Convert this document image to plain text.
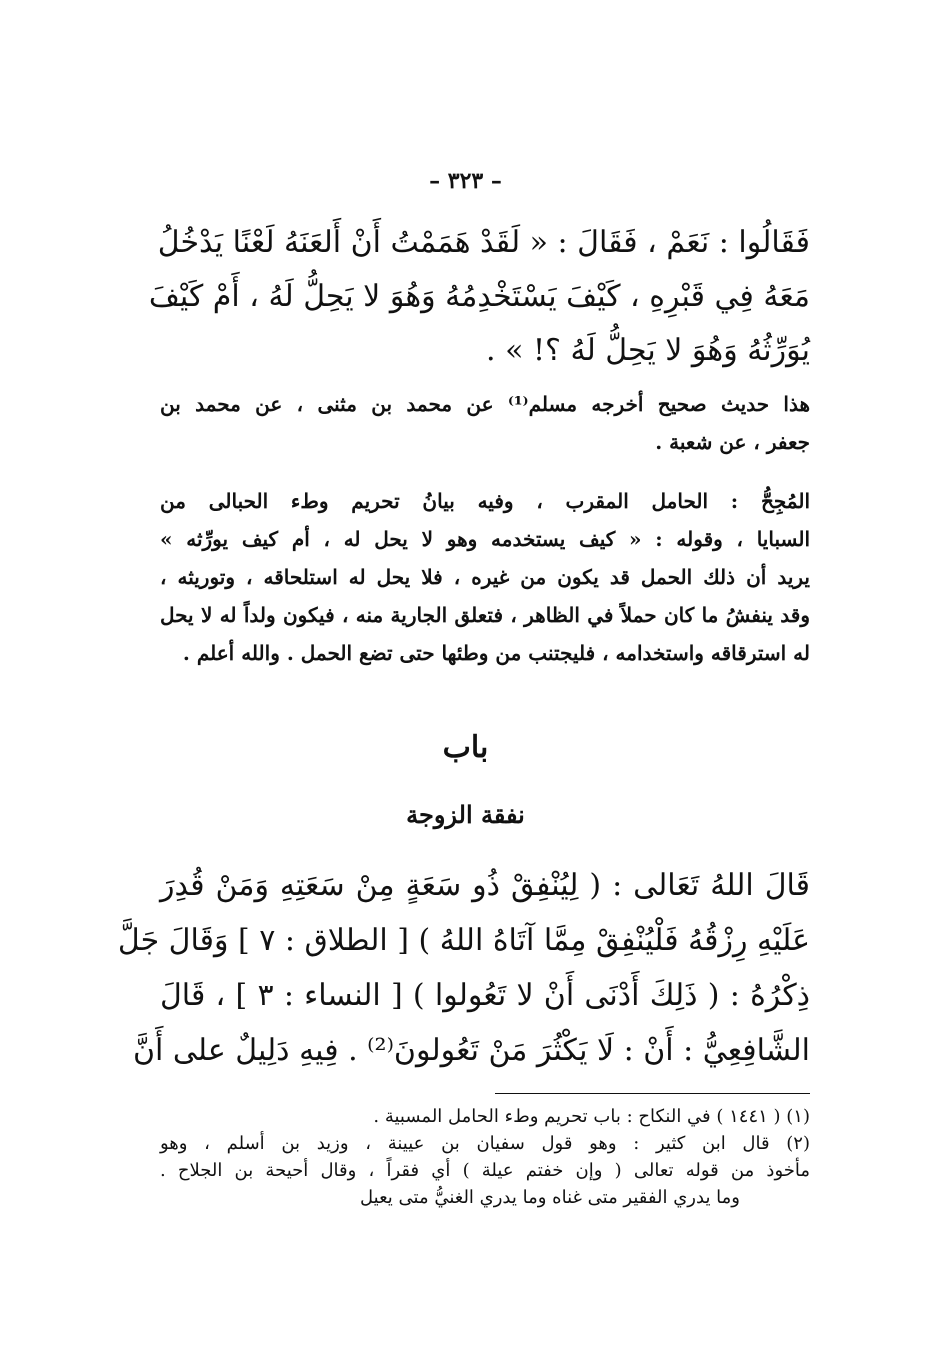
– ٣٢٣ –
فَقَالُوا : نَعَمْ ، فَقَالَ : « لَقَدْ هَمَمْتُ أَنْ أَلعَنَهُ لَعْنًا يَدْخُلُ
مَعَهُ فِي قَبْرِهِ ، كَيْفَ يَسْتَخْدِمُهُ وَهُوَ لا يَحِلُّ لَهُ ، أَمْ كَيْفَ
يُوَرِّثُهُ وَهُوَ لا يَحِلُّ لَهُ ؟! » .
هذا حديث صحيح أخرجه مسلم⁽¹⁾ عن محمد بن مثنى ، عن محمد بن
جعفر ، عن شعبة .
المُجِحُّ : الحامل المقرب ، وفيه بيانُ تحريم وطء الحبالى من
السبايا ، وقوله : « كيف يستخدمه وهو لا يحل له ، أم كيف يورِّثه »
يريد أن ذلك الحمل قد يكون من غيره ، فلا يحل له استلحاقه ، وتوريثه ،
وقد ينفشُ ما كان حملاً في الظاهر ، فتعلق الجارية منه ، فيكون ولداً له لا يحل
له استرقاقه واستخدامه ، فليجتنب من وطئها حتى تضع الحمل . والله أعلم .
باب
نفقة الزوجة
قَالَ اللهُ تَعَالى : ( لِيُنْفِقْ ذُو سَعَةٍ مِنْ سَعَتِهِ وَمَنْ قُدِرَ
عَلَيْهِ رِزْقُهُ فَلْيُنْفِقْ مِمَّا آتَاهُ اللهُ ) [ الطلاق : ٧ ] وَقَالَ جَلَّ
ذِكْرُهُ : ( ذَلِكَ أَدْنَى أَنْ لا تَعُولوا ) [ النساء : ٣ ] ، قَالَ
الشَّافِعِيُّ : أَنْ : لَا يَكْثُرَ مَنْ تَعُولونَ⁽²⁾ . فِيهِ دَلِيلٌ على أَنَّ
(١) ( ١٤٤١ ) في النكاح : باب تحريم وطء الحامل المسبية .
(٢) قال ابن كثير : وهو قول سفيان بن عيينة ، وزيد بن أسلم ، وهو
مأخوذ من قوله تعالى ( وإن خفتم عيلة ) أي فقراً ، وقال أحيحة بن الجلاح .
وما يدري الفقير متى غناه وما يدري الغنيُّ متى يعيل
